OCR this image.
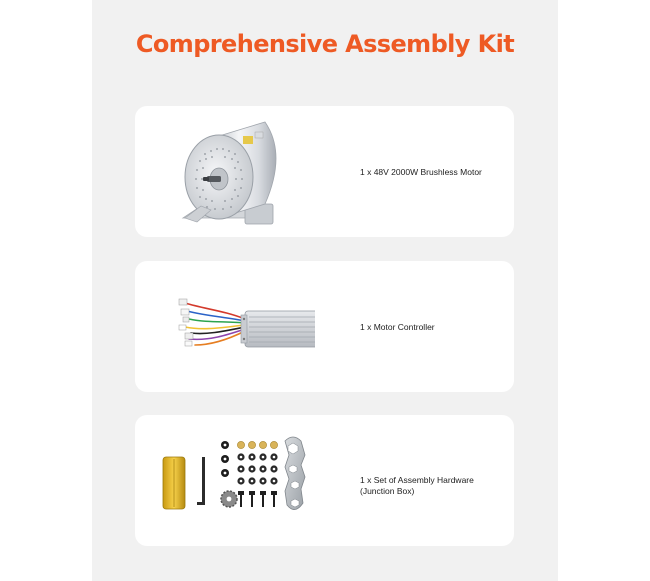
Comprehensive Assembly Kit
1 x 48V 2000W Brushless Motor
1 x Motor Controller
1 x Set of Assembly Hardware
(Junction Box)
